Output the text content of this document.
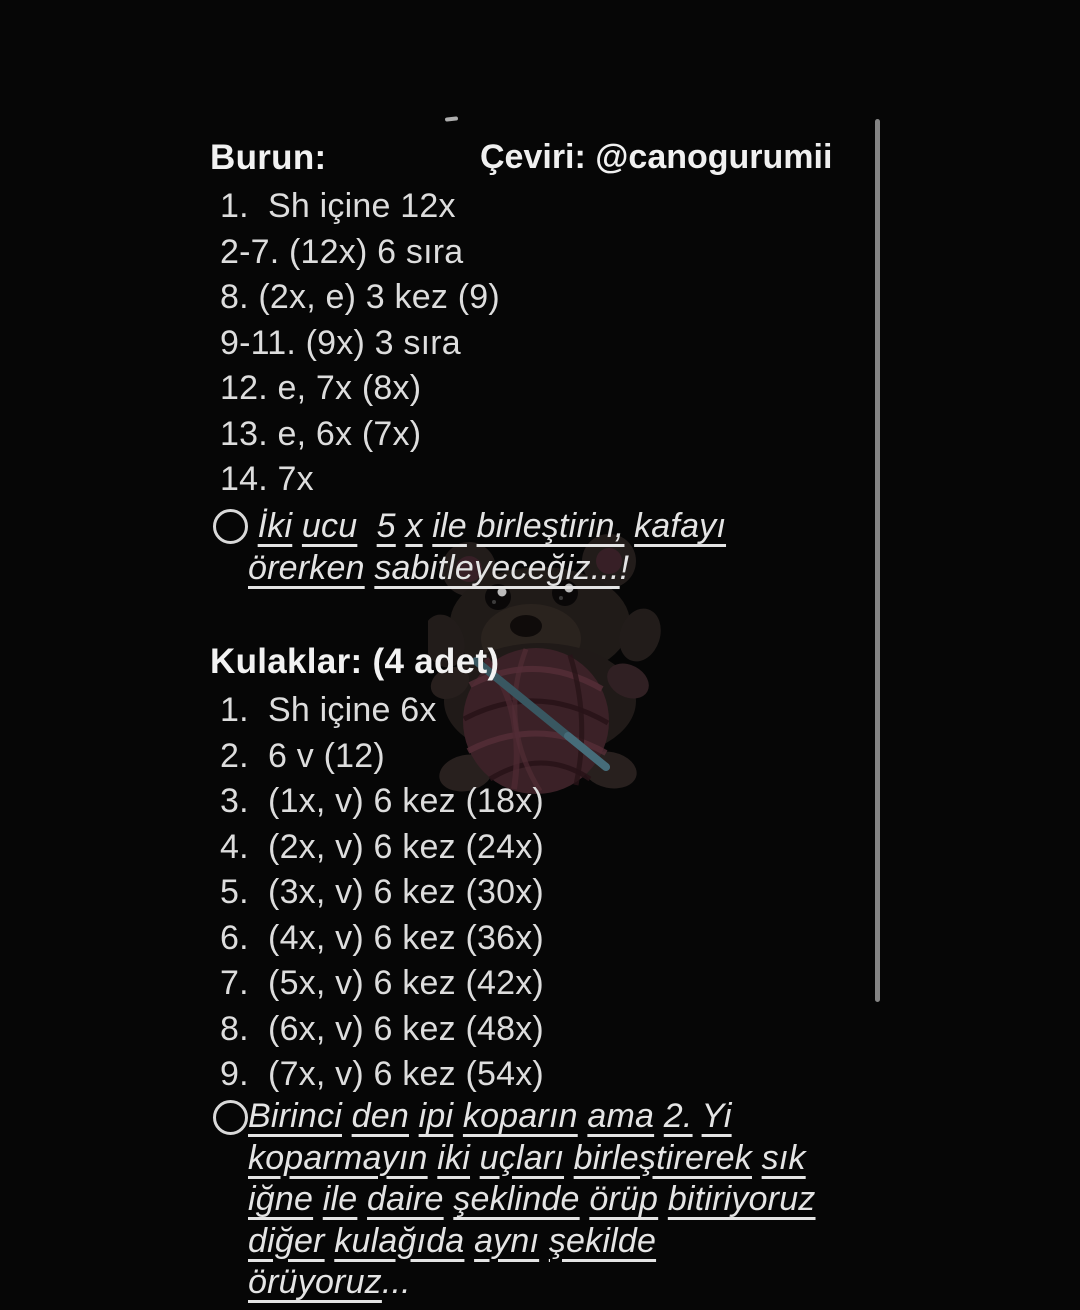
Burun:	Çeviri: @canogurumii
1.  Sh içine 12x
2-7. (12x) 6 sıra
8. (2x, e) 3 kez (9)
9-11. (9x) 3 sıra
12. e, 7x (8x)
13. e, 6x (7x)
14. 7x
İki ucu 5 x ile birleştirin, kafayı
örerken sabitleyeceğiz...!
Kulaklar: (4 adet)
1.  Sh içine 6x
2.  6 v (12)
3.  (1x, v) 6 kez (18x)
4.  (2x, v) 6 kez (24x)
5.  (3x, v) 6 kez (30x)
6.  (4x, v) 6 kez (36x)
7.  (5x, v) 6 kez (42x)
8.  (6x, v) 6 kez (48x)
9.  (7x, v) 6 kez (54x)
Birinci den ipi koparın ama 2. Yi
koparmayın iki uçları birleştirerek sık
iğne ile daire şeklinde örüp bitiriyoruz
diğer kulağıda aynı şekilde
örüyoruz...
